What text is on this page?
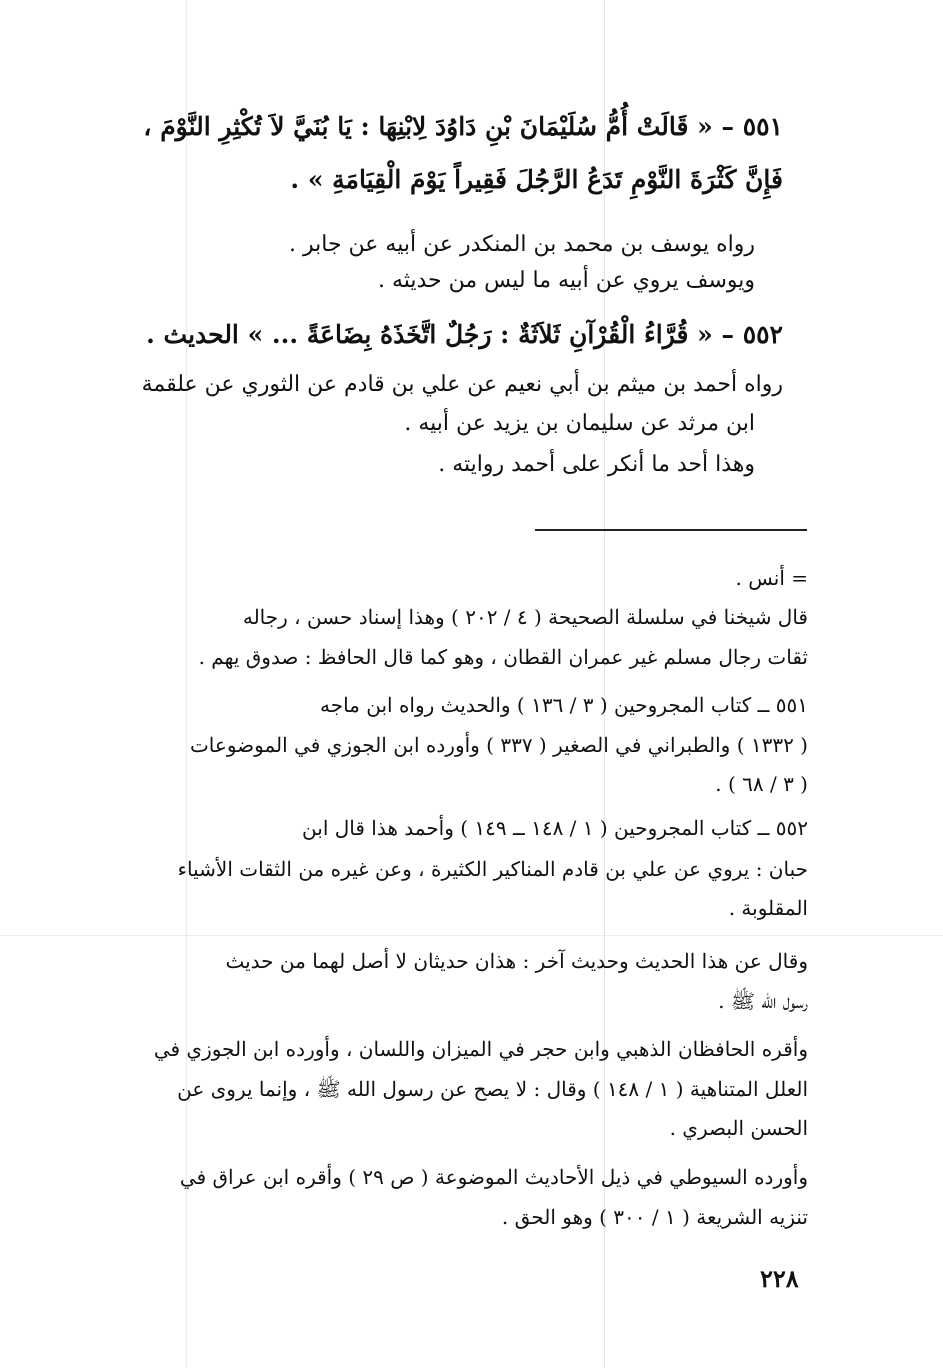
٥٥١ – « قَالَتْ أُمُّ سُلَيْمَانَ بْنِ دَاوُدَ لِابْنِهَا : يَا بُنَيَّ لاَ تُكْثِرِ النَّوْمَ ،
فَإِنَّ كَثْرَةَ النَّوْمِ تَدَعُ الرَّجُلَ فَقِيراً يَوْمَ الْقِيَامَةِ » .
رواه يوسف بن محمد بن المنكدر عن أبيه عن جابر .
ويوسف يروي عن أبيه ما ليس من حديثه .
٥٥٢ – « قُرَّاءُ الْقُرْآنِ ثَلاَثَةٌ : رَجُلٌ اتَّخَذَهُ بِضَاعَةً ... » الحديث .
رواه أحمد بن ميثم بن أبي نعيم عن علي بن قادم عن الثوري عن علقمة
ابن مرثد عن سليمان بن يزيد عن أبيه .
وهذا أحد ما أنكر على أحمد روايته .
= أنس .
قال شيخنا في سلسلة الصحيحة ( ٤ / ٢٠٢ ) وهذا إسناد حسن ، رجاله
ثقات رجال مسلم غير عمران القطان ، وهو كما قال الحافظ : صدوق يهم .
٥٥١ ــ كتاب المجروحين ( ٣ / ١٣٦ ) والحديث رواه ابن ماجه
( ١٣٣٢ ) والطبراني في الصغير ( ٣٣٧ ) وأورده ابن الجوزي في الموضوعات
( ٣ / ٦٨ ) .
٥٥٢ ــ كتاب المجروحين ( ١ / ١٤٨ ــ ١٤٩ ) وأحمد هذا قال ابن
حبان : يروي عن علي بن قادم المناكير الكثيرة ، وعن غيره من الثقات الأشياء
المقلوبة .
وقال عن هذا الحديث وحديث آخر : هذان حديثان لا أصل لهما من حديث
رسول الله ﷺ .
وأقره الحافظان الذهبي وابن حجر في الميزان واللسان ، وأورده ابن الجوزي في
العلل المتناهية ( ١ / ١٤٨ ) وقال : لا يصح عن رسول الله ﷺ ، وإنما يروى عن
الحسن البصري .
وأورده السيوطي في ذيل الأحاديث الموضوعة ( ص ٢٩ ) وأقره ابن عراق في
تنزيه الشريعة ( ١ / ٣٠٠ ) وهو الحق .
٢٢٨
